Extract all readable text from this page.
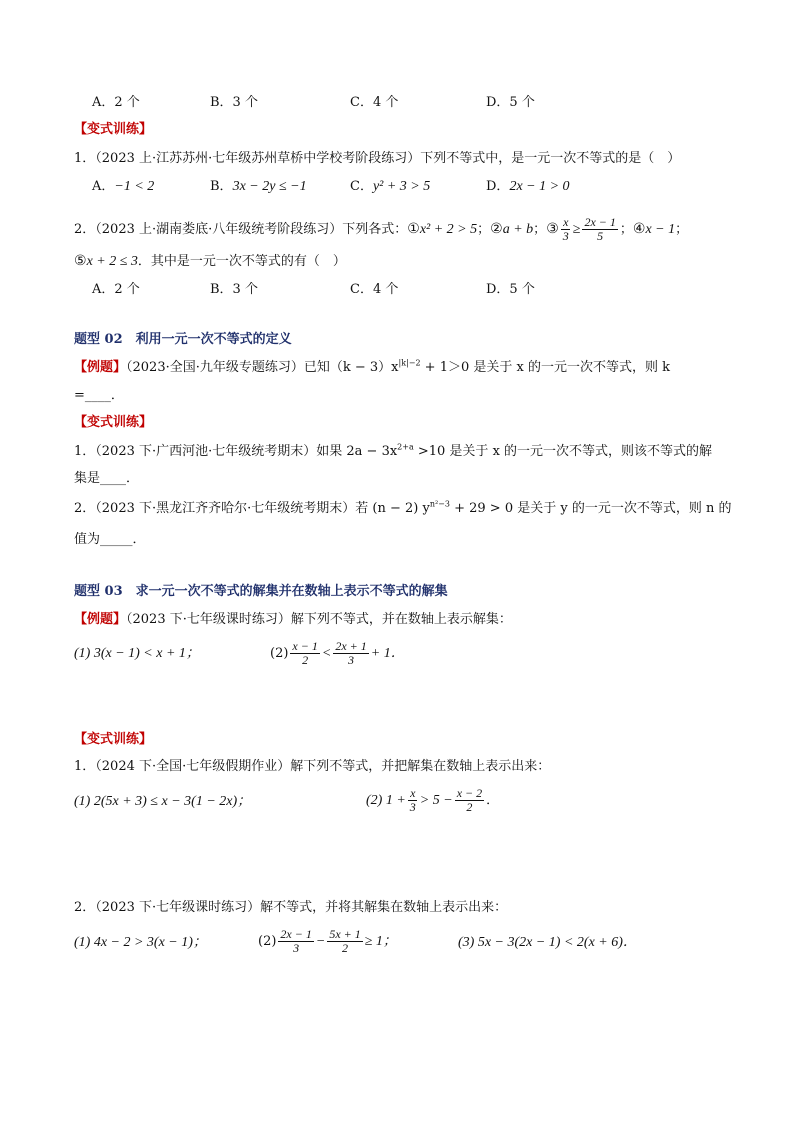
A．2 个	B．3 个	C．4 个	D．5 个
【变式训练】
1．（2023 上·江苏苏州·七年级苏州草桥中学校考阶段练习）下列不等式中，是一元一次不等式的是（　）
A．−1 < 2	B．3x − 2y ≤ −1	C．y² + 3 > 5	D．2x − 1 > 0
2．（2023 上·湖南娄底·八年级统考阶段练习）下列各式：①x² + 2 > 5；②a + b；③ $\frac{x}{3} \ge \frac{2x - 1}{5}$ ；④x − 1；
⑤x + 2 ≤ 3．其中是一元一次不等式的有（　）
A．2 个	B．3 个	C．4 个	D．5 个
题型 02　利用一元一次不等式的定义
【例题】（2023·全国·九年级专题练习）已知$(k - 3)x^{|k|-2} + 1>0$ 是关于 x 的一元一次不等式，则 k
=____．
【变式训练】
1．（2023 下·广西河池·七年级统考期末）如果 $2a - 3x^{2+a} >10$ 是关于 x 的一元一次不等式，则该不等式的解
集是____．
2．（2023 下·黑龙江齐齐哈尔·七年级统考期末）若 (n − 2) $y^{n^2-3} + 29 > 0$ 是关于 y 的一元一次不等式，则 n 的
值为_____．
题型 03　求一元一次不等式的解集并在数轴上表示不等式的解集
【例题】（2023 下·七年级课时练习）解下列不等式，并在数轴上表示解集：
(1) 3(x − 1) < x + 1；	$(2) \frac{x - 1}{2} < \frac{2x + 1}{3} + 1$．
【变式训练】
1．（2024 下·全国·七年级假期作业）解下列不等式，并把解集在数轴上表示出来：
(1) 2(5x + 3) ≤ x − 3(1 − 2x)；	(2) $1 + \frac{x}{3} > 5 - \frac{x - 2}{2}$ ．
2．（2023 下·七年级课时练习）解不等式，并将其解集在数轴上表示出来：
(1) 4x − 2 > 3(x − 1)；	$(2) \frac{2x - 1}{3} - \frac{5x + 1}{2} \ge 1$；	(3) 5x − 3(2x − 1) < 2(x + 6)．
